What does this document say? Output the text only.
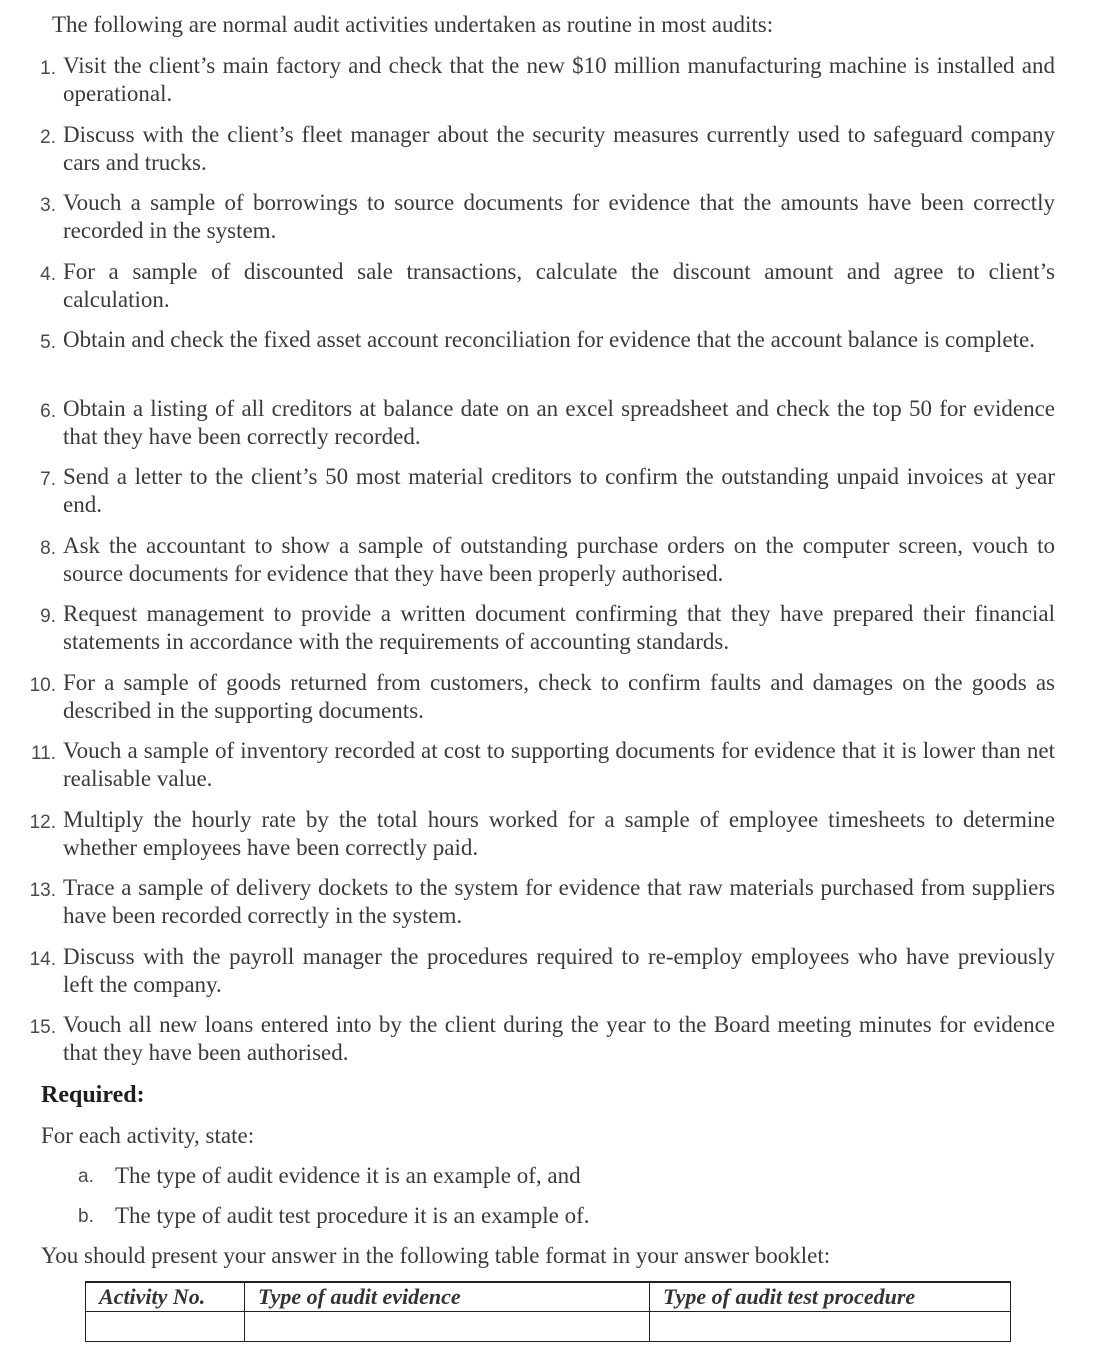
The following are normal audit activities undertaken as routine in most audits:
1. Visit the client’s main factory and check that the new $10 million manufacturing machine is installed and operational.
2. Discuss with the client’s fleet manager about the security measures currently used to safeguard company cars and trucks.
3. Vouch a sample of borrowings to source documents for evidence that the amounts have been correctly recorded in the system.
4. For a sample of discounted sale transactions, calculate the discount amount and agree to client’s calculation.
5. Obtain and check the fixed asset account reconciliation for evidence that the account balance is complete.
6. Obtain a listing of all creditors at balance date on an excel spreadsheet and check the top 50 for evidence that they have been correctly recorded.
7. Send a letter to the client’s 50 most material creditors to confirm the outstanding unpaid invoices at year end.
8. Ask the accountant to show a sample of outstanding purchase orders on the computer screen, vouch to source documents for evidence that they have been properly authorised.
9. Request management to provide a written document confirming that they have prepared their financial statements in accordance with the requirements of accounting standards.
10. For a sample of goods returned from customers, check to confirm faults and damages on the goods as described in the supporting documents.
11. Vouch a sample of inventory recorded at cost to supporting documents for evidence that it is lower than net realisable value.
12. Multiply the hourly rate by the total hours worked for a sample of employee timesheets to determine whether employees have been correctly paid.
13. Trace a sample of delivery dockets to the system for evidence that raw materials purchased from suppliers have been recorded correctly in the system.
14. Discuss with the payroll manager the procedures required to re-employ employees who have previously left the company.
15. Vouch all new loans entered into by the client during the year to the Board meeting minutes for evidence that they have been authorised.
Required:
For each activity, state:
a. The type of audit evidence it is an example of, and
b. The type of audit test procedure it is an example of.
You should present your answer in the following table format in your answer booklet:
Activity No.	Type of audit evidence	Type of audit test procedure
